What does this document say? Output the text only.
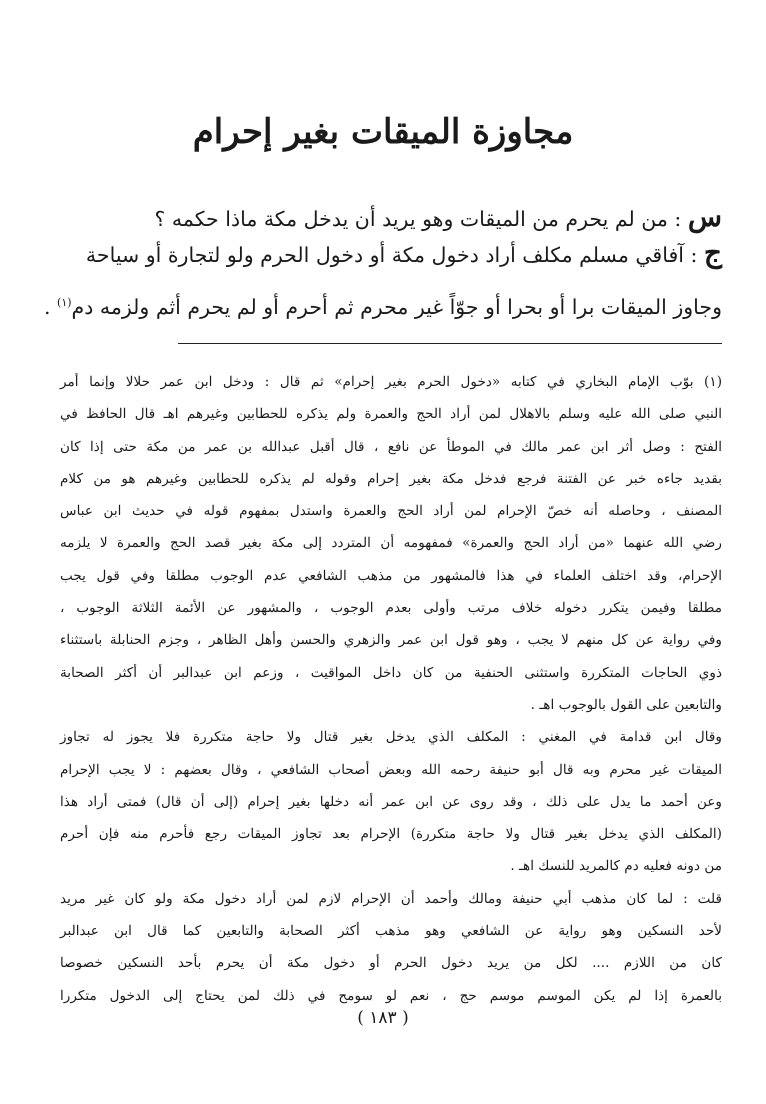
مجاوزة الميقات بغير إحرام
س : من لم يحرم من الميقات وهو يريد أن يدخل مكة ماذا حكمه ؟
ج : آفاقي مسلم مكلف أراد دخول مكة أو دخول الحرم ولو لتجارة أو سياحة
وجاوز الميقات برا أو بحرا أو جوّاً غير محرم ثم أحرم أو لم يحرم أثم ولزمه دم$^{(١)}$ .
(١) بوّب الإمام البخاري في كتابه «دخول الحرم بغير إحرام» ثم قال : ودخل ابن عمر حلالا وإنما أمر
النبي صلى الله عليه وسلم بالاهلال لمن أراد الحج والعمرة ولم يذكره للحطابين وغيرهم اهـ قال الحافظ في
الفتح : وصل أثر ابن عمر مالك في الموطأ عن نافع ، قال أقبل عبدالله بن عمر من مكة حتى إذا كان
بقديد جاءه خبر عن الفتنة فرجع فدخل مكة بغير إحرام وقوله لم يذكره للحطابين وغيرهم هو من كلام
المصنف ، وحاصله أنه خصّ الإحرام لمن أراد الحج والعمرة واستدل بمفهوم قوله في حديث ابن عباس
رضي الله عنهما «من أراد الحج والعمرة» فمفهومه أن المتردد إلى مكة بغير قصد الحج والعمرة لا يلزمه
الإحرام، وقد اختلف العلماء في هذا فالمشهور من مذهب الشافعي عدم الوجوب مطلقا وفي قول يجب
مطلقا وفيمن يتكرر دخوله خلاف مرتب وأولى بعدم الوجوب ، والمشهور عن الأئمة الثلاثة الوجوب ،
وفي رواية عن كل منهم لا يجب ، وهو قول ابن عمر والزهري والحسن وأهل الظاهر ، وجزم الحنابلة باستثناء
ذوي الحاجات المتكررة واستثنى الحنفية من كان داخل المواقيت ، وزعم ابن عبدالبر أن أكثر الصحابة
والتابعين على القول بالوجوب اهـ .
وقال ابن قدامة في المغني : المكلف الذي يدخل بغير قتال ولا حاجة متكررة فلا يجوز له تجاوز
الميقات غير محرم وبه قال أبو حنيفة رحمه الله وبعض أصحاب الشافعي ، وقال بعضهم : لا يجب الإحرام
وعن أحمد ما يدل على ذلك ، وقد روى عن ابن عمر أنه دخلها بغير إحرام (إلى أن قال) فمتى أراد هذا
(المكلف الذي يدخل بغير قتال ولا حاجة متكررة) الإحرام بعد تجاوز الميقات رجع فأحرم منه فإن أحرم
من دونه فعليه دم كالمريد للنسك اهـ .
قلت : لما كان مذهب أبي حنيفة ومالك وأحمد أن الإحرام لازم لمن أراد دخول مكة ولو كان غير مريد
لأحد النسكين وهو رواية عن الشافعي وهو مذهب أكثر الصحابة والتابعين كما قال ابن عبدالبر
كان من اللازم .... لكل من يريد دخول الحرم أو دخول مكة أن يحرم بأحد النسكين خصوصا
بالعمرة إذا لم يكن الموسم موسم حج ، نعم لو سومح في ذلك لمن يحتاج إلى الدخول متكررا
( ١٨٣ )
